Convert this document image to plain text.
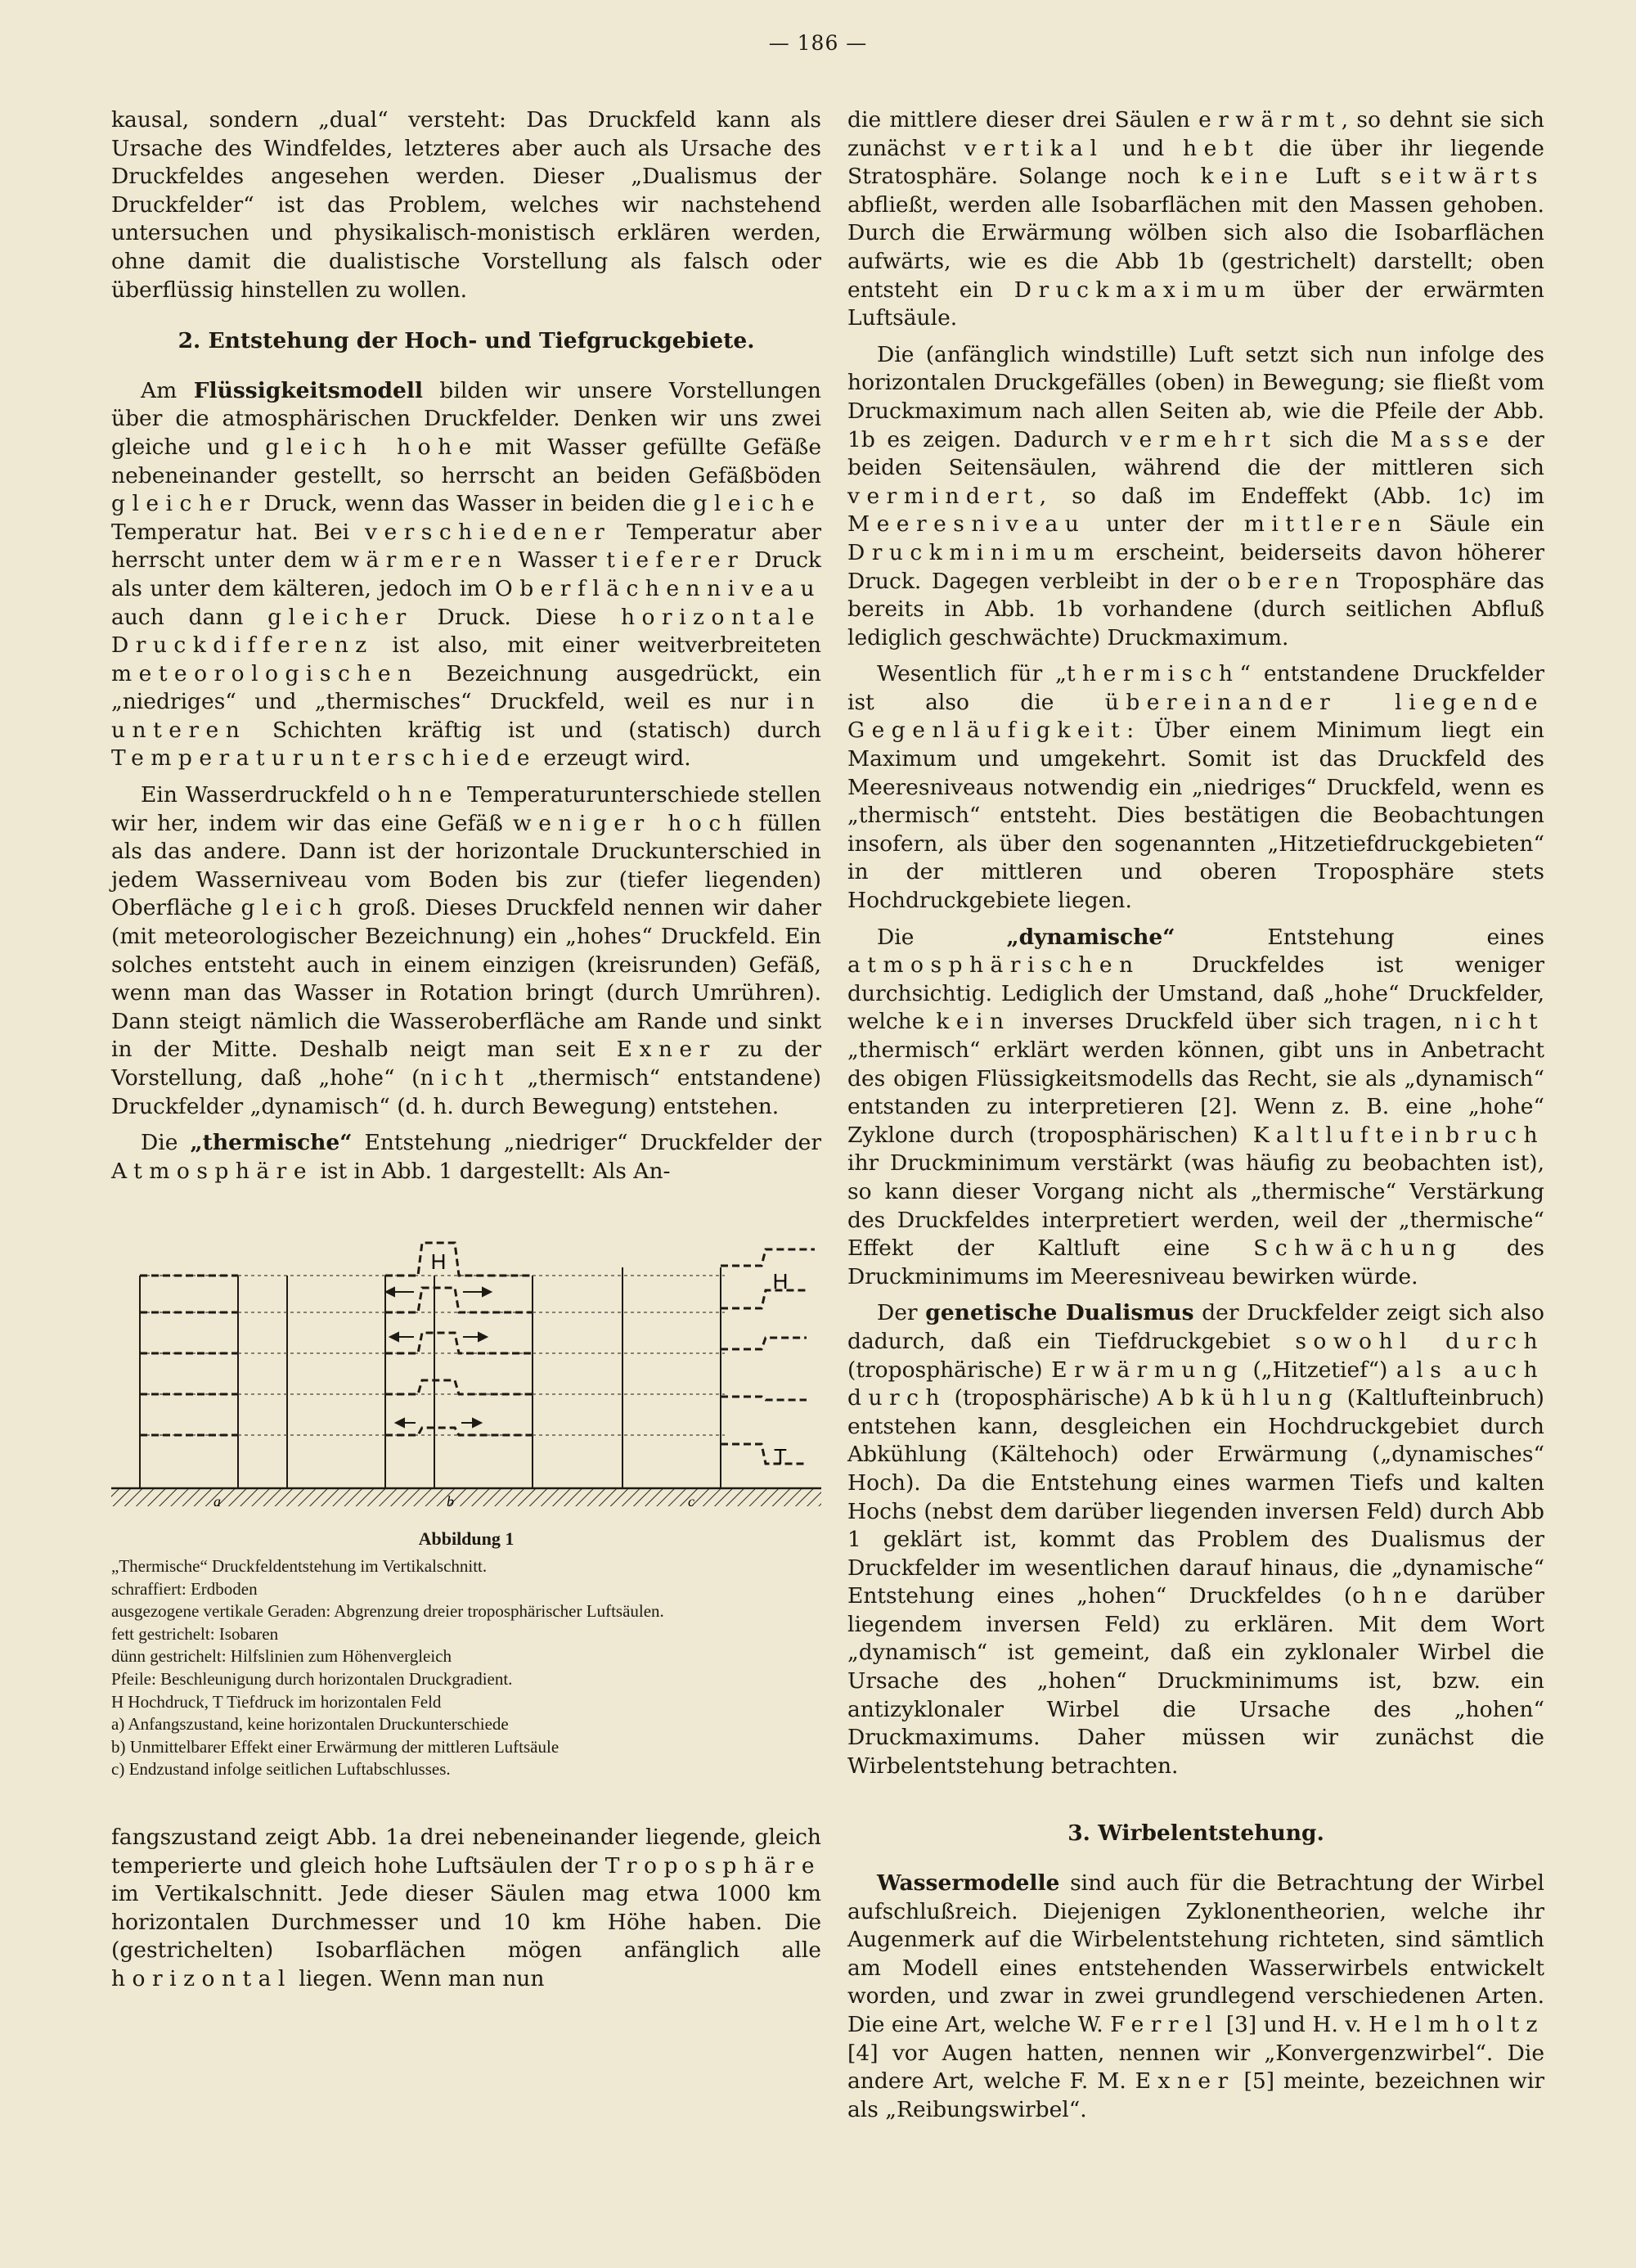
— 186 —

kausal, sondern „dual“ versteht: Das Druckfeld kann als Ursache des Windfeldes, letzteres aber auch als Ursache des Druckfeldes angesehen werden. Dieser „Dualismus der Druckfelder“ ist das Problem, welches wir nachstehend untersuchen und physikalisch-monistisch erklären werden, ohne damit die dualistische Vorstellung als falsch oder überflüssig hinstellen zu wollen.

2. Entstehung der Hoch- und Tiefgruckgebiete.

Am Flüssigkeitsmodell bilden wir unsere Vorstellungen über die atmosphärischen Druckfelder. Denken wir uns zwei gleiche und gleich hohe mit Wasser gefüllte Gefäße nebeneinander gestellt, so herrscht an beiden Gefäßböden gleicher Druck, wenn das Wasser in beiden die gleiche Temperatur hat. Bei verschiedener Temperatur aber herrscht unter dem wärmeren Wasser tieferer Druck als unter dem kälteren, jedoch im Oberflächenniveau auch dann gleicher Druck. Diese horizontale Druckdifferenz ist also, mit einer weitverbreiteten meteorologischen Bezeichnung ausgedrückt, ein „niedriges“ und „thermisches“ Druckfeld, weil es nur in unteren Schichten kräftig ist und (statisch) durch Temperaturunterschiede erzeugt wird.

Ein Wasserdruckfeld ohne Temperaturunterschiede stellen wir her, indem wir das eine Gefäß weniger hoch füllen als das andere. Dann ist der horizontale Druckunterschied in jedem Wasserniveau vom Boden bis zur (tiefer liegenden) Oberfläche gleich groß. Dieses Druckfeld nennen wir daher (mit meteorologischer Bezeichnung) ein „hohes“ Druckfeld. Ein solches entsteht auch in einem einzigen (kreisrunden) Gefäß, wenn man das Wasser in Rotation bringt (durch Umrühren). Dann steigt nämlich die Wasseroberfläche am Rande und sinkt in der Mitte. Deshalb neigt man seit Exner zu der Vorstellung, daß „hohe“ (nicht „thermisch“ entstandene) Druckfelder „dynamisch“ (d. h. durch Bewegung) entstehen.

Die „thermische“ Entstehung „niedriger“ Druckfelder der Atmosphäre ist in Abb. 1 dargestellt: Als An-

H
H
T
a	b	c
Abbildung 1

„Thermische“ Druckfeldentstehung im Vertikalschnitt.

schraffiert: Erdboden

ausgezogene vertikale Geraden: Abgrenzung dreier troposphärischer Luftsäulen.

fett gestrichelt: Isobaren

dünn gestrichelt: Hilfslinien zum Höhenvergleich

Pfeile: Beschleunigung durch horizontalen Druckgradient.

H Hochdruck, T Tiefdruck im horizontalen Feld

a) Anfangszustand, keine horizontalen Druckunterschiede

b) Unmittelbarer Effekt einer Erwärmung der mittleren Luftsäule

c) Endzustand infolge seitlichen Luftabschlusses.

fangszustand zeigt Abb. 1a drei nebeneinander liegende, gleich temperierte und gleich hohe Luftsäulen der Troposphäre im Vertikalschnitt. Jede dieser Säulen mag etwa 1000 km horizontalen Durchmesser und 10 km Höhe haben. Die (gestrichelten) Isobarflächen mögen anfänglich alle horizontal liegen. Wenn man nun

die mittlere dieser drei Säulen erwärmt, so dehnt sie sich zunächst vertikal und hebt die über ihr liegende Stratosphäre. Solange noch keine Luft seitwärts abfließt, werden alle Isobarflächen mit den Massen gehoben. Durch die Erwärmung wölben sich also die Isobarflächen aufwärts, wie es die Abb 1b (gestrichelt) darstellt; oben entsteht ein Druckmaximum über der erwärmten Luftsäule.

Die (anfänglich windstille) Luft setzt sich nun infolge des horizontalen Druckgefälles (oben) in Bewegung; sie fließt vom Druckmaximum nach allen Seiten ab, wie die Pfeile der Abb. 1b es zeigen. Dadurch vermehrt sich die Masse der beiden Seitensäulen, während die der mittleren sich vermindert, so daß im Endeffekt (Abb. 1c) im Meeresniveau unter der mittleren Säule ein Druckminimum erscheint, beiderseits davon höherer Druck. Dagegen verbleibt in der oberen Troposphäre das bereits in Abb. 1b vorhandene (durch seitlichen Abfluß lediglich geschwächte) Druckmaximum.

Wesentlich für „thermisch“ entstandene Druckfelder ist also die übereinander liegende Gegenläufigkeit: Über einem Minimum liegt ein Maximum und umgekehrt. Somit ist das Druckfeld des Meeresniveaus notwendig ein „niedriges“ Druckfeld, wenn es „thermisch“ entsteht. Dies bestätigen die Beobachtungen insofern, als über den sogenannten „Hitzetiefdruckgebieten“ in der mittleren und oberen Troposphäre stets Hochdruckgebiete liegen.

Die „dynamische“ Entstehung eines atmosphärischen Druckfeldes ist weniger durchsichtig. Lediglich der Umstand, daß „hohe“ Druckfelder, welche kein inverses Druckfeld über sich tragen, nicht „thermisch“ erklärt werden können, gibt uns in Anbetracht des obigen Flüssigkeitsmodells das Recht, sie als „dynamisch“ entstanden zu interpretieren [2]. Wenn z. B. eine „hohe“ Zyklone durch (troposphärischen) Kaltlufteinbruch ihr Druckminimum verstärkt (was häufig zu beobachten ist), so kann dieser Vorgang nicht als „thermische“ Verstärkung des Druckfeldes interpretiert werden, weil der „thermische“ Effekt der Kaltluft eine Schwächung des Druckminimums im Meeresniveau bewirken würde.

Der genetische Dualismus der Druckfelder zeigt sich also dadurch, daß ein Tiefdruckgebiet sowohl durch (troposphärische) Erwärmung („Hitzetief“) als auch durch (troposphärische) Abkühlung (Kaltlufteinbruch) entstehen kann, desgleichen ein Hochdruckgebiet durch Abkühlung (Kältehoch) oder Erwärmung („dynamisches“ Hoch). Da die Entstehung eines warmen Tiefs und kalten Hochs (nebst dem darüber liegenden inversen Feld) durch Abb 1 geklärt ist, kommt das Problem des Dualismus der Druckfelder im wesentlichen darauf hinaus, die „dynamische“ Entstehung eines „hohen“ Druckfeldes (ohne darüber liegendem inversen Feld) zu erklären. Mit dem Wort „dynamisch“ ist gemeint, daß ein zyklonaler Wirbel die Ursache des „hohen“ Druckminimums ist, bzw. ein antizyklonaler Wirbel die Ursache des „hohen“ Druckmaximums. Daher müssen wir zunächst die Wirbelentstehung betrachten.

3. Wirbelentstehung.

Wassermodelle sind auch für die Betrachtung der Wirbel aufschlußreich. Diejenigen Zyklonentheorien, welche ihr Augenmerk auf die Wirbelentstehung richteten, sind sämtlich am Modell eines entstehenden Wasserwirbels entwickelt worden, und zwar in zwei grundlegend verschiedenen Arten. Die eine Art, welche W. Ferrel [3] und H. v. Helmholtz [4] vor Augen hatten, nennen wir „Konvergenzwirbel“. Die andere Art, welche F. M. Exner [5] meinte, bezeichnen wir als „Reibungswirbel“.
